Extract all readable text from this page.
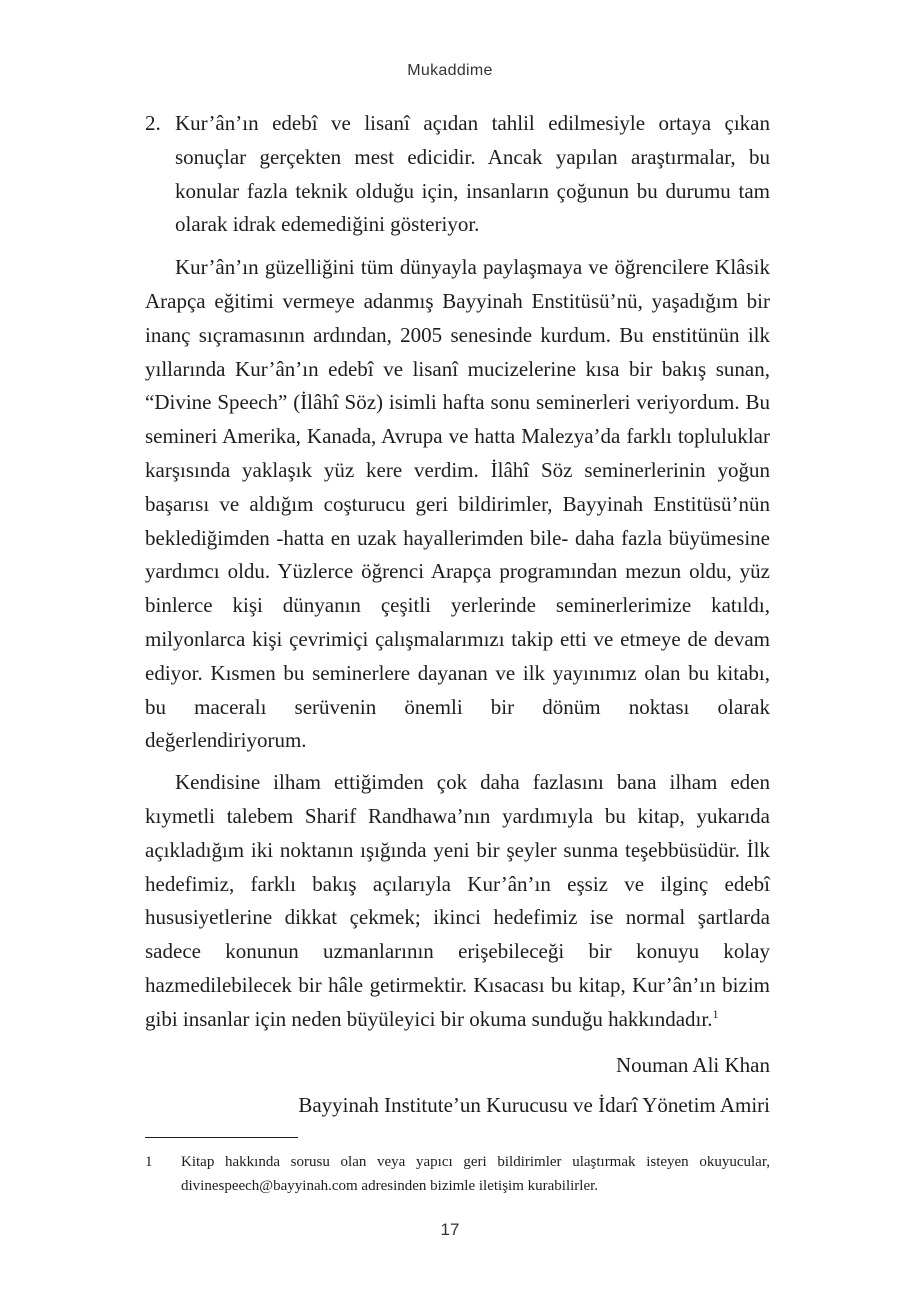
Mukaddime
2. Kur’ân’ın edebî ve lisanî açıdan tahlil edilmesiyle ortaya çıkan sonuçlar gerçekten mest edicidir. Ancak yapılan araştırmalar, bu konular fazla teknik olduğu için, insanların çoğunun bu durumu tam olarak idrak edemediğini gösteriyor.

Kur’ân’ın güzelliğini tüm dünyayla paylaşmaya ve öğrencilere Klâsik Arapça eğitimi vermeye adanmış Bayyinah Enstitüsü’nü, yaşadığım bir inanç sıçramasının ardından, 2005 senesinde kurdum. Bu enstitünün ilk yıllarında Kur’ân’ın edebî ve lisanî mucizelerine kısa bir bakış sunan, “Divine Speech” (İlâhî Söz) isimli hafta sonu seminerleri veriyordum. Bu semineri Amerika, Kanada, Avrupa ve hatta Malezya’da farklı topluluklar karşısında yaklaşık yüz kere verdim. İlâhî Söz seminerlerinin yoğun başarısı ve aldığım coşturucu geri bildirimler, Bayyinah Enstitüsü’nün beklediğimden -hatta en uzak hayallerimden bile- daha fazla büyümesine yardımcı oldu. Yüzlerce öğrenci Arapça programından mezun oldu, yüz binlerce kişi dünyanın çeşitli yerlerinde seminerlerimize katıldı, milyonlarca kişi çevrimiçi çalışmalarımızı takip etti ve etmeye de devam ediyor. Kısmen bu seminerlere dayanan ve ilk yayınımız olan bu kitabı, bu maceralı serüvenin önemli bir dönüm noktası olarak değerlendiriyorum.

Kendisine ilham ettiğimden çok daha fazlasını bana ilham eden kıymetli talebem Sharif Randhawa’nın yardımıyla bu kitap, yukarıda açıkladığım iki noktanın ışığında yeni bir şeyler sunma teşebbüsüdür. İlk hedefimiz, farklı bakış açılarıyla Kur’ân’ın eşsiz ve ilginç edebî hususiyetlerine dikkat çekmek; ikinci hedefimiz ise normal şartlarda sadece konunun uzmanlarının erişebileceği bir konuyu kolay hazmedilebilecek bir hâle getirmektir. Kısacası bu kitap, Kur’ân’ın bizim gibi insanlar için neden büyüleyici bir okuma sunduğu hakkındadır.$^1$

Nouman Ali Khan
Bayyinah Institute’un Kurucusu ve İdarî Yönetim Amiri
1	Kitap hakkında sorusu olan veya yapıcı geri bildirimler ulaştırmak isteyen okuyucular, divinespeech@bayyinah.com adresinden bizimle iletişim kurabilirler.
17
